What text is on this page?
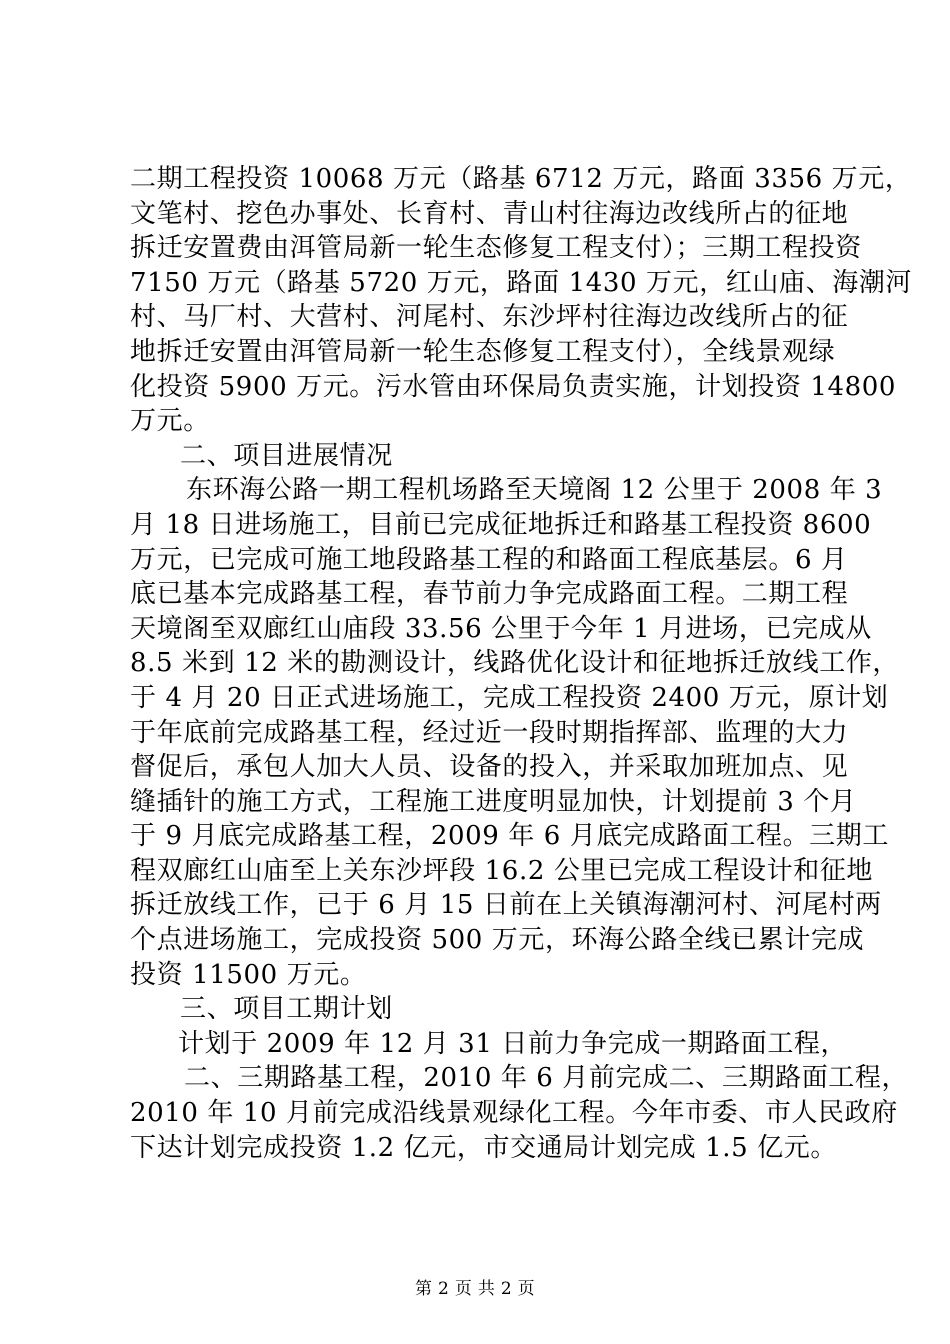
二期工程投资 10068 万元（路基 6712 万元，路面 3356 万元，
文笔村、挖色办事处、长育村、青山村往海边改线所占的征地
拆迁安置费由洱管局新一轮生态修复工程支付）；三期工程投资
7150 万元（路基 5720 万元，路面 1430 万元，红山庙、海潮河
村、马厂村、大营村、河尾村、东沙坪村往海边改线所占的征
地拆迁安置由洱管局新一轮生态修复工程支付），全线景观绿
化投资 5900 万元。污水管由环保局负责实施，计划投资 14800
万元。
二、项目进展情况
东环海公路一期工程机场路至天境阁 12 公里于 2008 年 3
月 18 日进场施工，目前已完成征地拆迁和路基工程投资 8600
万元，已完成可施工地段路基工程的和路面工程底基层。6 月
底已基本完成路基工程，春节前力争完成路面工程。二期工程
天境阁至双廊红山庙段 33.56 公里于今年 1 月进场，已完成从
8.5 米到 12 米的勘测设计，线路优化设计和征地拆迁放线工作，
于 4 月 20 日正式进场施工，完成工程投资 2400 万元，原计划
于年底前完成路基工程，经过近一段时期指挥部、监理的大力
督促后，承包人加大人员、设备的投入，并采取加班加点、见
缝插针的施工方式，工程施工进度明显加快，计划提前 3 个月
于 9 月底完成路基工程，2009 年 6 月底完成路面工程。三期工
程双廊红山庙至上关东沙坪段 16.2 公里已完成工程设计和征地
拆迁放线工作，已于 6 月 15 日前在上关镇海潮河村、河尾村两
个点进场施工，完成投资 500 万元，环海公路全线已累计完成
投资 11500 万元。
三、项目工期计划
计划于 2009 年 12 月 31 日前力争完成一期路面工程，
二、三期路基工程，2010 年 6 月前完成二、三期路面工程，
2010 年 10 月前完成沿线景观绿化工程。今年市委、市人民政府
下达计划完成投资 1.2 亿元，市交通局计划完成 1.5 亿元。
第 2 页 共 2 页
